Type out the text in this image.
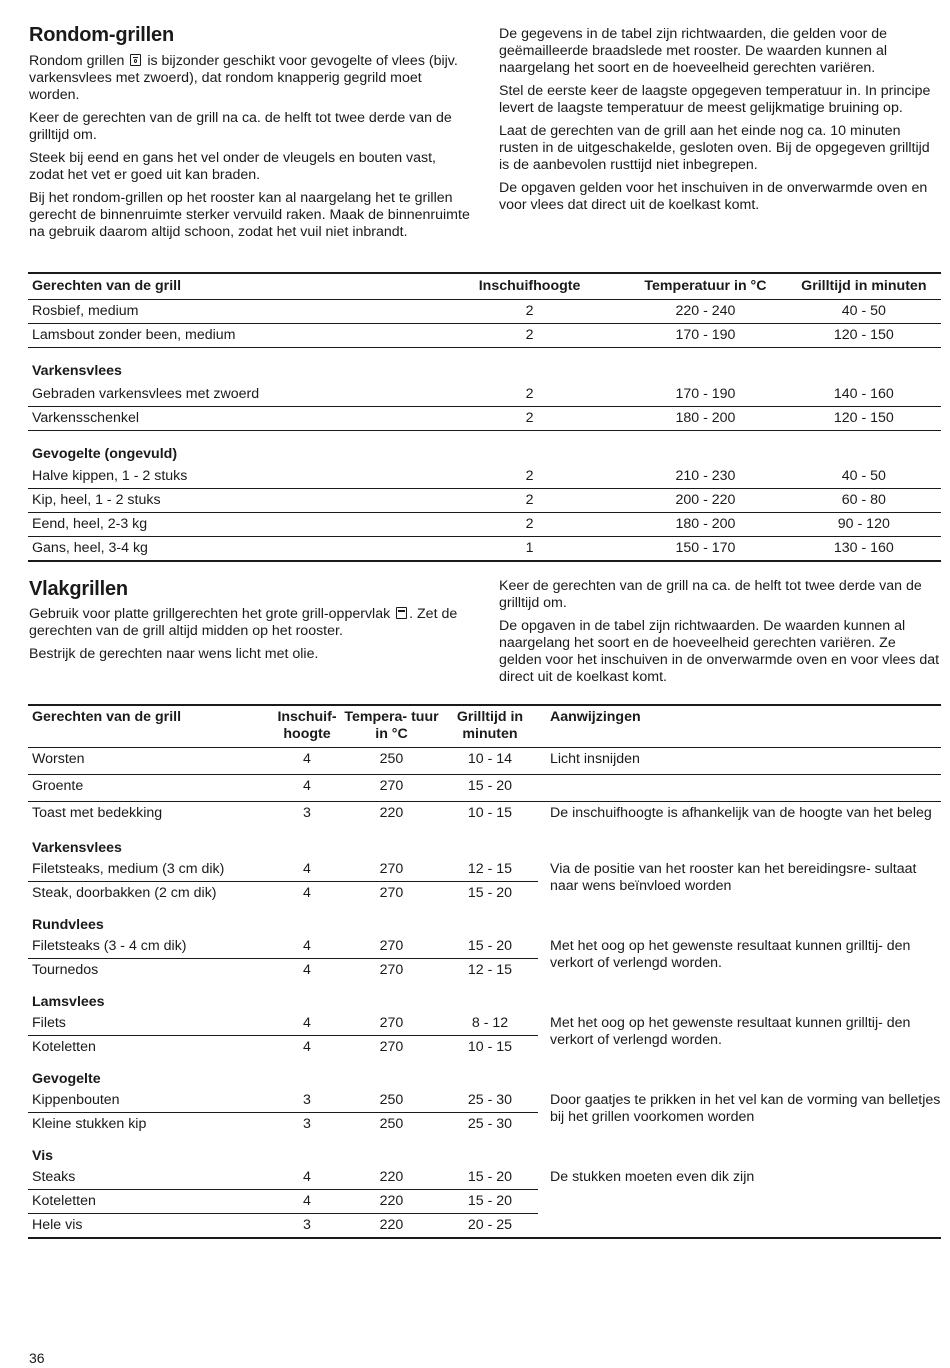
Rondom-grillen

Rondom grillen  is bijzonder geschikt voor gevogelte of vlees (bijv. varkensvlees met zwoerd), dat rondom knapperig gegrild moet worden.

Keer de gerechten van de grill na ca. de helft tot twee derde van de grilltijd om.

Steek bij eend en gans het vel onder de vleugels en bouten vast, zodat het vet er goed uit kan braden.

Bij het rondom-grillen op het rooster kan al naargelang het te grillen gerecht de binnenruimte sterker vervuild raken. Maak de binnenruimte na gebruik daarom altijd schoon, zodat het vuil niet inbrandt.

De gegevens in de tabel zijn richtwaarden, die gelden voor de geëmailleerde braadslede met rooster. De waarden kunnen al naargelang het soort en de hoeveelheid gerechten variëren.

Stel de eerste keer de laagste opgegeven temperatuur in. In principe levert de laagste temperatuur de meest gelijkmatige bruining op.

Laat de gerechten van de grill aan het einde nog ca. 10 minuten rusten in de uitgeschakelde, gesloten oven. Bij de opgegeven grilltijd is de aanbevolen rusttijd niet inbegrepen.

De opgaven gelden voor het inschuiven in de onverwarmde oven en voor vlees dat direct uit de koelkast komt.

Gerechten van de grill	Inschuifhoogte	Temperatuur in °C	Grilltijd in minuten
Rosbief, medium	2	220 - 240	40 - 50
Lamsbout zonder been, medium	2	170 - 190	120 - 150
Varkensvlees			
Gebraden varkensvlees met zwoerd	2	170 - 190	140 - 160
Varkensschenkel	2	180 - 200	120 - 150
Gevogelte (ongevuld)			
Halve kippen, 1 - 2 stuks	2	210 - 230	40 - 50
Kip, heel, 1 - 2 stuks	2	200 - 220	60 - 80
Eend, heel, 2-3 kg	2	180 - 200	90 - 120
Gans, heel, 3-4 kg	1	150 - 170	130 - 160
Vlakgrillen

Gebruik voor platte grillgerechten het grote grill-oppervlak . Zet de gerechten van de grill altijd midden op het rooster.

Bestrijk de gerechten naar wens licht met olie.

Keer de gerechten van de grill na ca. de helft tot twee derde van de grilltijd om.

De opgaven in de tabel zijn richtwaarden. De waarden kunnen al naargelang het soort en de hoeveelheid gerechten variëren. Ze gelden voor het inschuiven in de onverwarmde oven en voor vlees dat direct uit de koelkast komt.

Gerechten van de grill	Inschuif- hoogte	Tempera- tuur in °C	Grilltijd in minuten	Aanwijzingen
Worsten	4	250	10 - 14	Licht insnijden
Groente	4	270	15 - 20	
Toast met bedekking	3	220	10 - 15	De inschuifhoogte is afhankelijk van de hoogte van het beleg
Varkensvlees				
Filetsteaks, medium (3 cm dik)	4	270	12 - 15	Via de positie van het rooster kan het bereidingsre- sultaat naar wens beïnvloed worden
Steak, doorbakken (2 cm dik)	4	270	15 - 20	
Rundvlees				
Filetsteaks (3 - 4 cm dik)	4	270	15 - 20	Met het oog op het gewenste resultaat kunnen grilltij- den verkort of verlengd worden.
Tournedos	4	270	12 - 15	
Lamsvlees				
Filets	4	270	8 - 12	Met het oog op het gewenste resultaat kunnen grilltij- den verkort of verlengd worden.
Koteletten	4	270	10 - 15	
Gevogelte				
Kippenbouten	3	250	25 - 30	Door gaatjes te prikken in het vel kan de vorming van belletjes bij het grillen voorkomen worden
Kleine stukken kip	3	250	25 - 30	
Vis				
Steaks	4	220	15 - 20	De stukken moeten even dik zijn
Koteletten	4	220	15 - 20	
Hele vis	3	220	20 - 25	
36
